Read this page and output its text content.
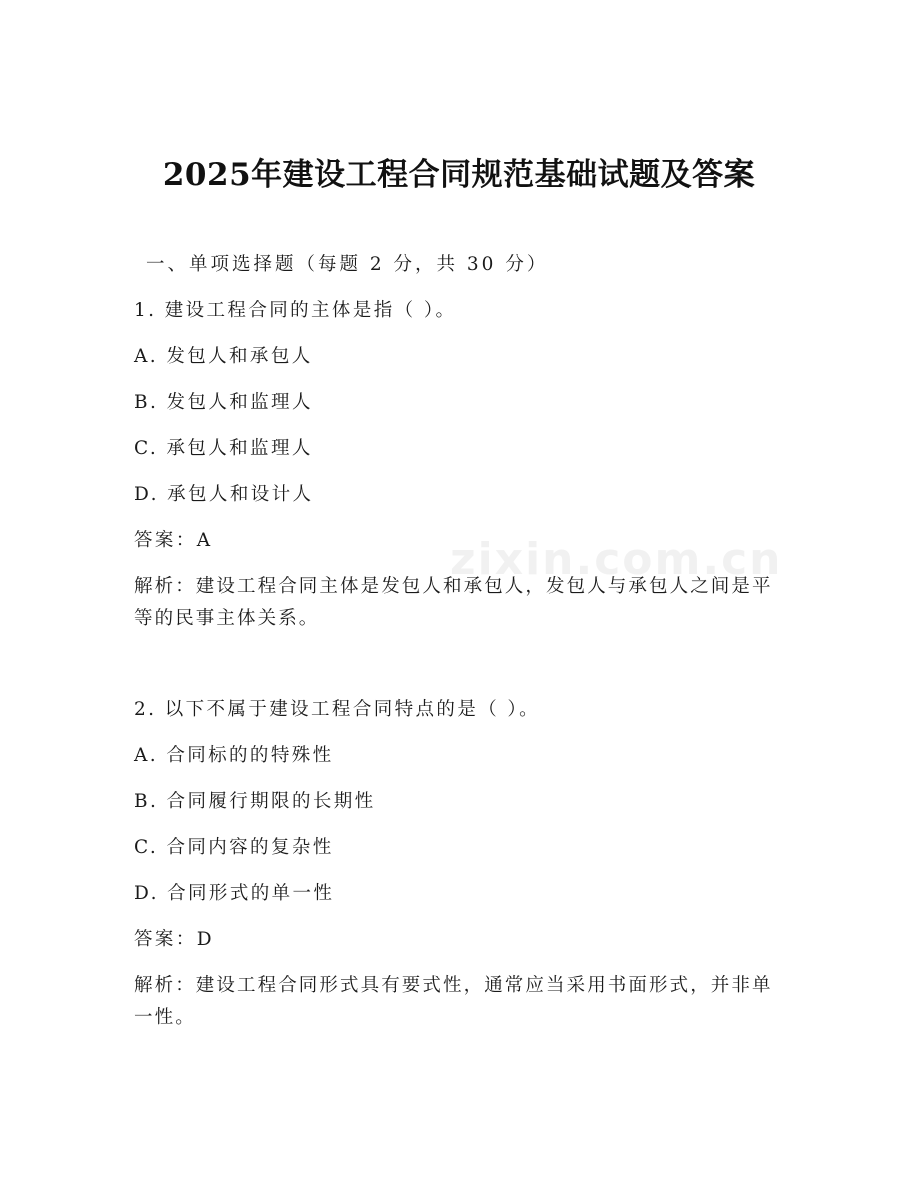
2025年建设工程合同规范基础试题及答案

一、单项选择题（每题 2 分，共 30 分）

1. 建设工程合同的主体是指（ ）。

A. 发包人和承包人

B. 发包人和监理人

C. 承包人和监理人

D. 承包人和设计人

答案：A

解析：建设工程合同主体是发包人和承包人，发包人与承包人之间是平等的民事主体关系。

2. 以下不属于建设工程合同特点的是（ ）。

A. 合同标的的特殊性

B. 合同履行期限的长期性

C. 合同内容的复杂性

D. 合同形式的单一性

答案：D

解析：建设工程合同形式具有要式性，通常应当采用书面形式，并非单一性。

zixin.com.cn
